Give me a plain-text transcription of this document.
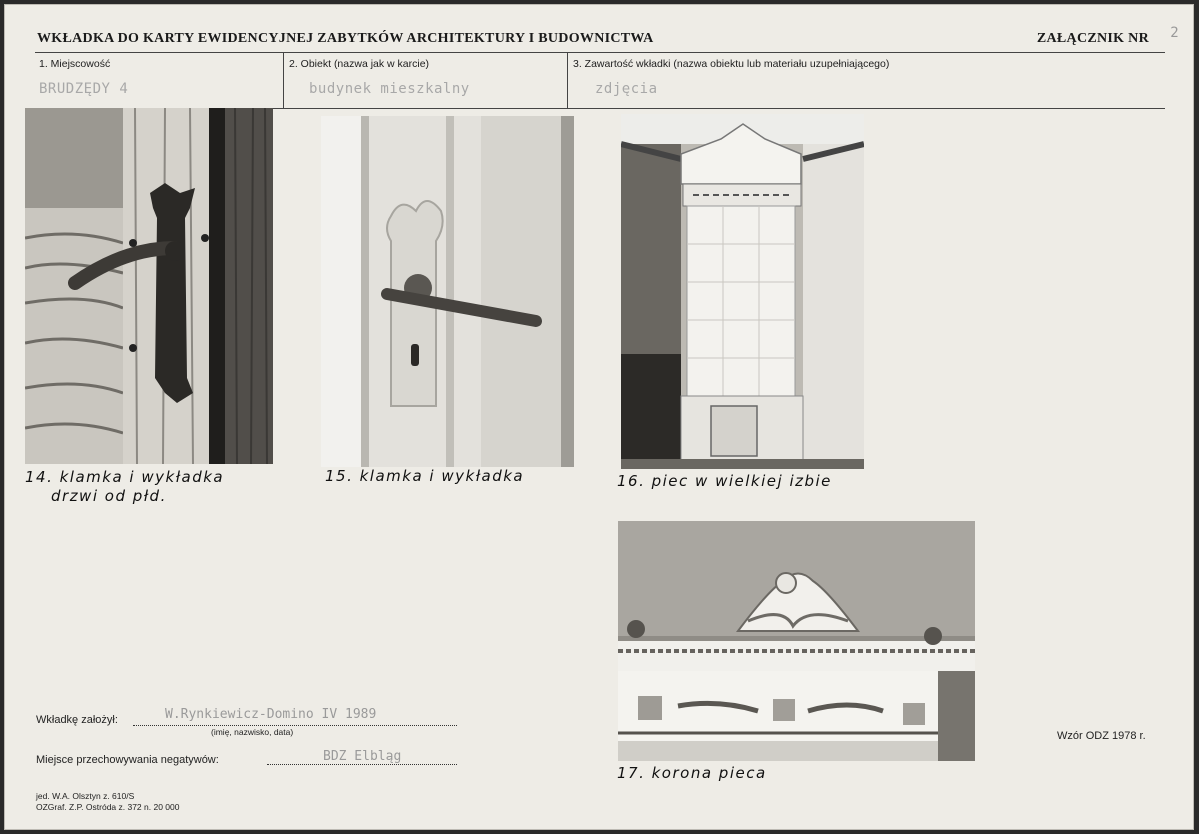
WKŁADKA DO KARTY EWIDENCYJNEJ ZABYTKÓW ARCHITEKTURY I BUDOWNICTWA	ZAŁĄCZNIK NR 2
1. Miejscowość
BRUDZĘDY 4
2. Obiekt (nazwa jak w karcie)
budynek mieszkalny
3. Zawartość wkładki (nazwa obiektu lub materiału uzupełniającego)
zdjęcia
14. klamka i wykładka
drzwi od płd.
15. klamka i wykładka	16. piec w wielkiej izbie
17. korona pieca
Wkładkę założył:	W.Rynkiewicz-Domino IV 1989
(imię, nazwisko, data)
Miejsce przechowywania negatywów:	BDZ Elbląg
Wzór ODZ 1978 r.
jed. W.A. Olsztyn z. 610/S
OZGraf. Z.P. Ostróda z. 372 n. 20 000
